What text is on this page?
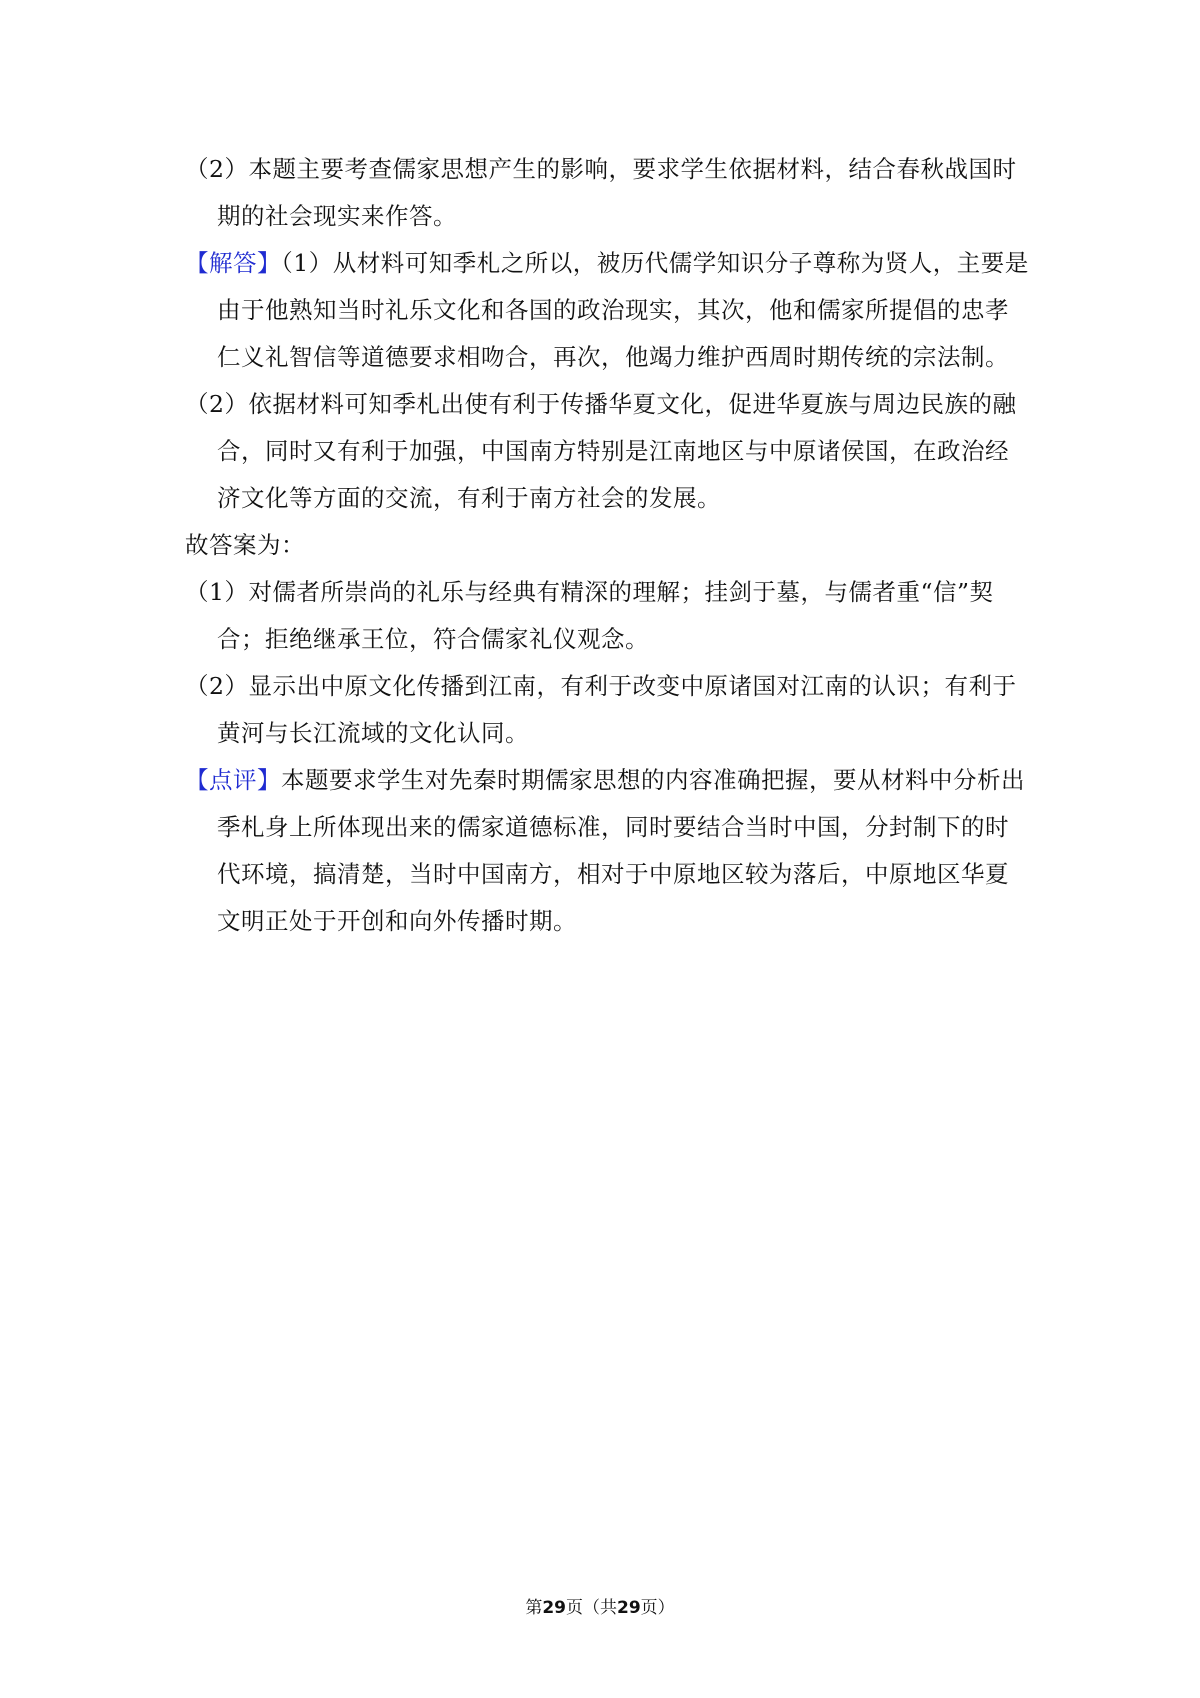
（2）本题主要考查儒家思想产生的影响，要求学生依据材料，结合春秋战国时期的社会现实来作答。

【解答】（1）从材料可知季札之所以，被历代儒学知识分子尊称为贤人，主要是由于他熟知当时礼乐文化和各国的政治现实，其次，他和儒家所提倡的忠孝仁义礼智信等道德要求相吻合，再次，他竭力维护西周时期传统的宗法制。

（2）依据材料可知季札出使有利于传播华夏文化，促进华夏族与周边民族的融合，同时又有利于加强，中国南方特别是江南地区与中原诸侯国，在政治经济文化等方面的交流，有利于南方社会的发展。

故答案为：

（1）对儒者所崇尚的礼乐与经典有精深的理解；挂剑于墓，与儒者重“信”契合；拒绝继承王位，符合儒家礼仪观念。

（2）显示出中原文化传播到江南，有利于改变中原诸国对江南的认识；有利于黄河与长江流域的文化认同。

【点评】本题要求学生对先秦时期儒家思想的内容准确把握，要从材料中分析出季札身上所体现出来的儒家道德标准，同时要结合当时中国，分封制下的时代环境，搞清楚，当时中国南方，相对于中原地区较为落后，中原地区华夏文明正处于开创和向外传播时期。

第29页（共29页）
